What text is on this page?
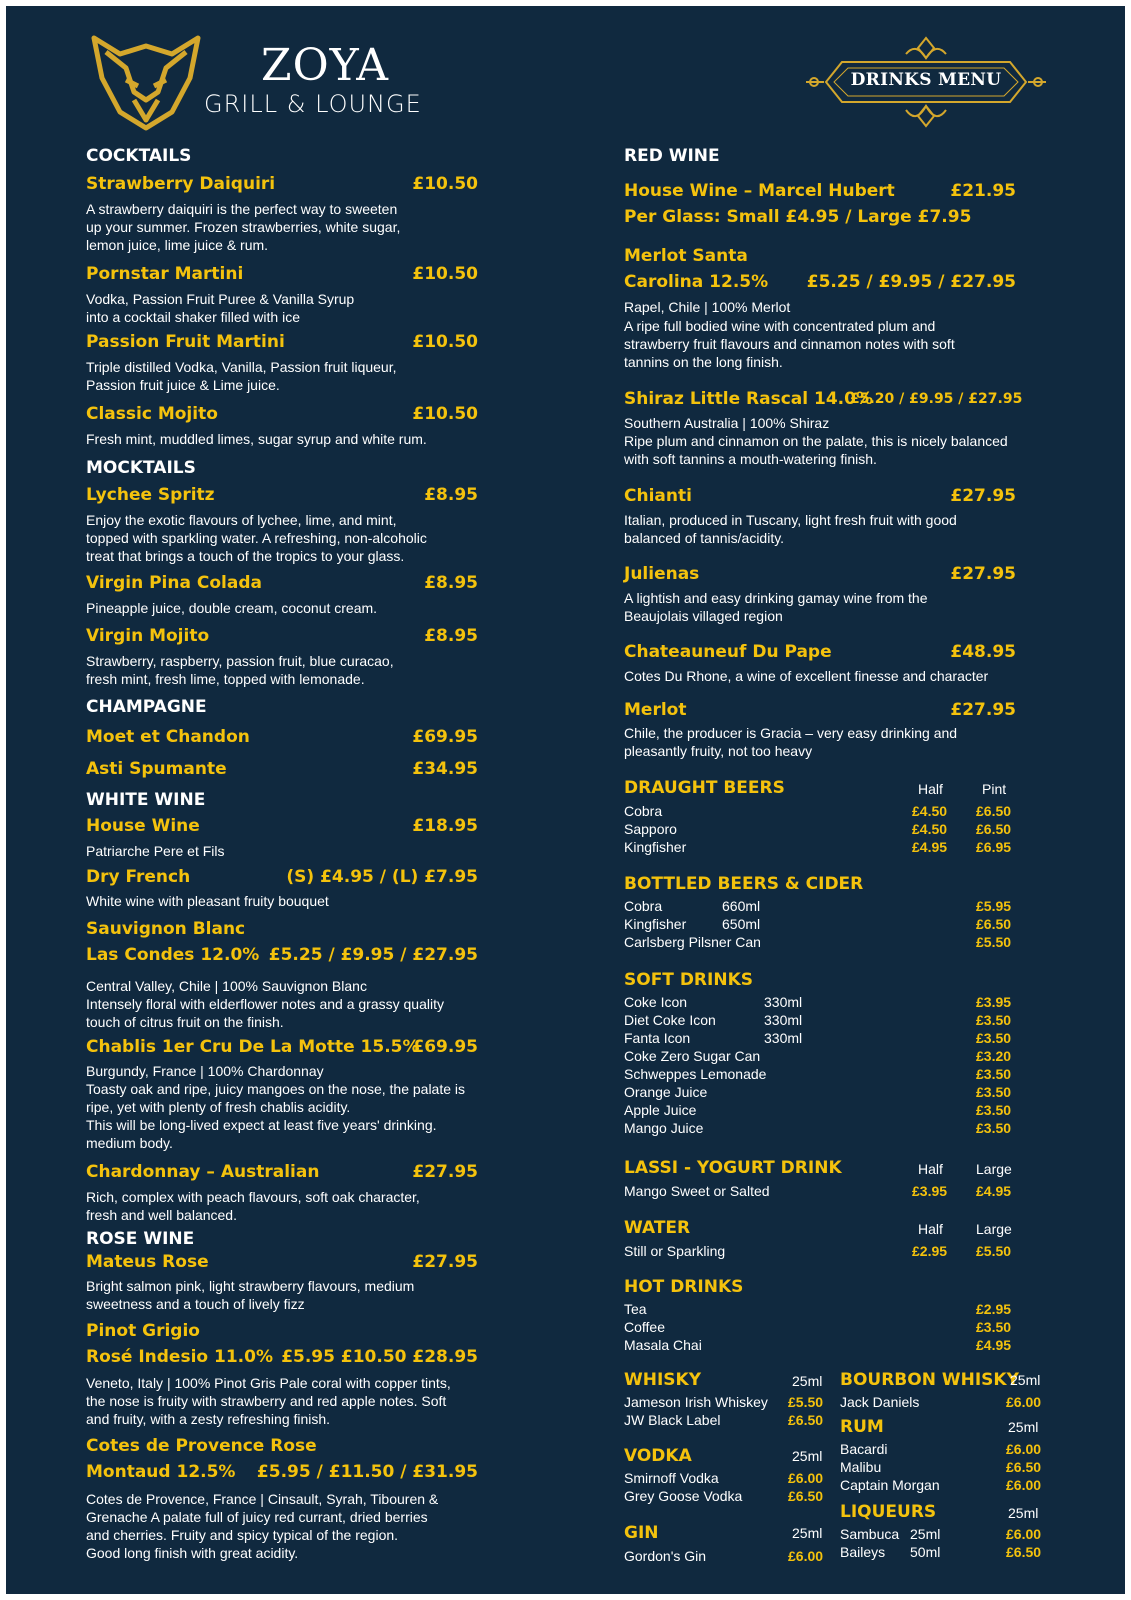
ZOYA
GRILL & LOUNGE
DRINKS MENU
COCKTAILS
Strawberry Daiquiri	£10.50
A strawberry daiquiri is the perfect way to sweeten
up your summer. Frozen strawberries, white sugar,
lemon juice, lime juice & rum.
Pornstar Martini	£10.50
Vodka, Passion Fruit Puree & Vanilla Syrup
into a cocktail shaker filled with ice
Passion Fruit Martini	£10.50
Triple distilled Vodka, Vanilla, Passion fruit liqueur,
Passion fruit juice & Lime juice.
Classic Mojito	£10.50
Fresh mint, muddled limes, sugar syrup and white rum.
MOCKTAILS
Lychee Spritz	£8.95
Enjoy the exotic flavours of lychee, lime, and mint,
topped with sparkling water. A refreshing, non-alcoholic
treat that brings a touch of the tropics to your glass.
Virgin Pina Colada	£8.95
Pineapple juice, double cream, coconut cream.
Virgin Mojito	£8.95
Strawberry, raspberry, passion fruit, blue curacao,
fresh mint, fresh lime, topped with lemonade.
CHAMPAGNE
Moet et Chandon	£69.95
Asti Spumante	£34.95
WHITE WINE
House Wine	£18.95
Patriarche Pere et Fils
Dry French	(S) £4.95 / (L) £7.95
White wine with pleasant fruity bouquet
Sauvignon Blanc
Las Condes 12.0% £5.25 / £9.95 / £27.95
Central Valley, Chile | 100% Sauvignon Blanc
Intensely floral with elderflower notes and a grassy quality
touch of citrus fruit on the finish.
Chablis 1er Cru De La Motte 15.5%
£69.95
Burgundy, France | 100% Chardonnay
Toasty oak and ripe, juicy mangoes on the nose, the palate is
ripe, yet with plenty of fresh chablis acidity.
This will be long-lived expect at least five years' drinking.
medium body.
Chardonnay – Australian	£27.95
Rich, complex with peach flavours, soft oak character,
fresh and well balanced.
ROSE WINE
Mateus Rose	£27.95
Bright salmon pink, light strawberry flavours, medium
sweetness and a touch of lively fizz
Pinot Grigio
Rosé Indesio 11.0% £5.95 £10.50 £28.95
Veneto, Italy | 100% Pinot Gris Pale coral with copper tints,
the nose is fruity with strawberry and red apple notes. Soft
and fruity, with a zesty refreshing finish.
Cotes de Provence Rose
Montaud 12.5%	£5.95 / £11.50 / £31.95
Cotes de Provence, France | Cinsault, Syrah, Tibouren &
Grenache A palate full of juicy red currant, dried berries
and cherries. Fruity and spicy typical of the region.
Good long finish with great acidity.
RED WINE
House Wine – Marcel Hubert	£21.95
Per Glass: Small £4.95 / Large £7.95
Merlot Santa
Carolina 12.5%	£5.25 / £9.95 / £27.95
Rapel, Chile | 100% Merlot
A ripe full bodied wine with concentrated plum and
strawberry fruit flavours and cinnamon notes with soft
tannins on the long finish.
Shiraz Little Rascal 14.0%
£5.20 / £9.95 / £27.95
Southern Australia | 100% Shiraz
Ripe plum and cinnamon on the palate, this is nicely balanced
with soft tannins a mouth-watering finish.
Chianti	£27.95
Italian, produced in Tuscany, light fresh fruit with good
balanced of tannis/acidity.
Julienas	£27.95
A lightish and easy drinking gamay wine from the
Beaujolais villaged region
Chateauneuf Du Pape	£48.95
Cotes Du Rhone, a wine of excellent finesse and character
Merlot	£27.95
Chile, the producer is Gracia – very easy drinking and
pleasantly fruity, not too heavy
DRAUGHT BEERS	Half	Pint
Cobra	£4.50 £6.50
Sapporo	£4.50 £6.50
Kingfisher	£4.95 £6.95
BOTTLED BEERS & CIDER
Cobra	660ml	£5.95
Kingfisher	650ml	£6.50
Carlsberg Pilsner Can	£5.50
SOFT DRINKS
Coke Icon	330ml	£3.95
Diet Coke Icon	330ml	£3.50
Fanta Icon	330ml	£3.50
Coke Zero Sugar Can	£3.20
Schweppes Lemonade	£3.50
Orange Juice	£3.50
Apple Juice	£3.50
Mango Juice	£3.50
LASSI - YOGURT DRINK	Half Large
Mango Sweet or Salted	£3.95 £4.95
WATER	Half Large
Still or Sparkling	£2.95 £5.50
HOT DRINKS
Tea	£2.95
Coffee	£3.50
Masala Chai	£4.95
WHISKY	25ml
Jameson Irish Whiskey £5.50
JW Black Label	£6.50
VODKA	25ml
Smirnoff Vodka	£6.00
Grey Goose Vodka	£6.50
GIN	25ml
Gordon's Gin	£6.00
BOURBON WHISKY
25ml
Jack Daniels	£6.00
RUM	25ml
Bacardi	£6.00
Malibu	£6.50
Captain Morgan	£6.00
LIQUEURS	25ml
Sambuca 25ml	£6.00
Baileys 50ml	£6.50
